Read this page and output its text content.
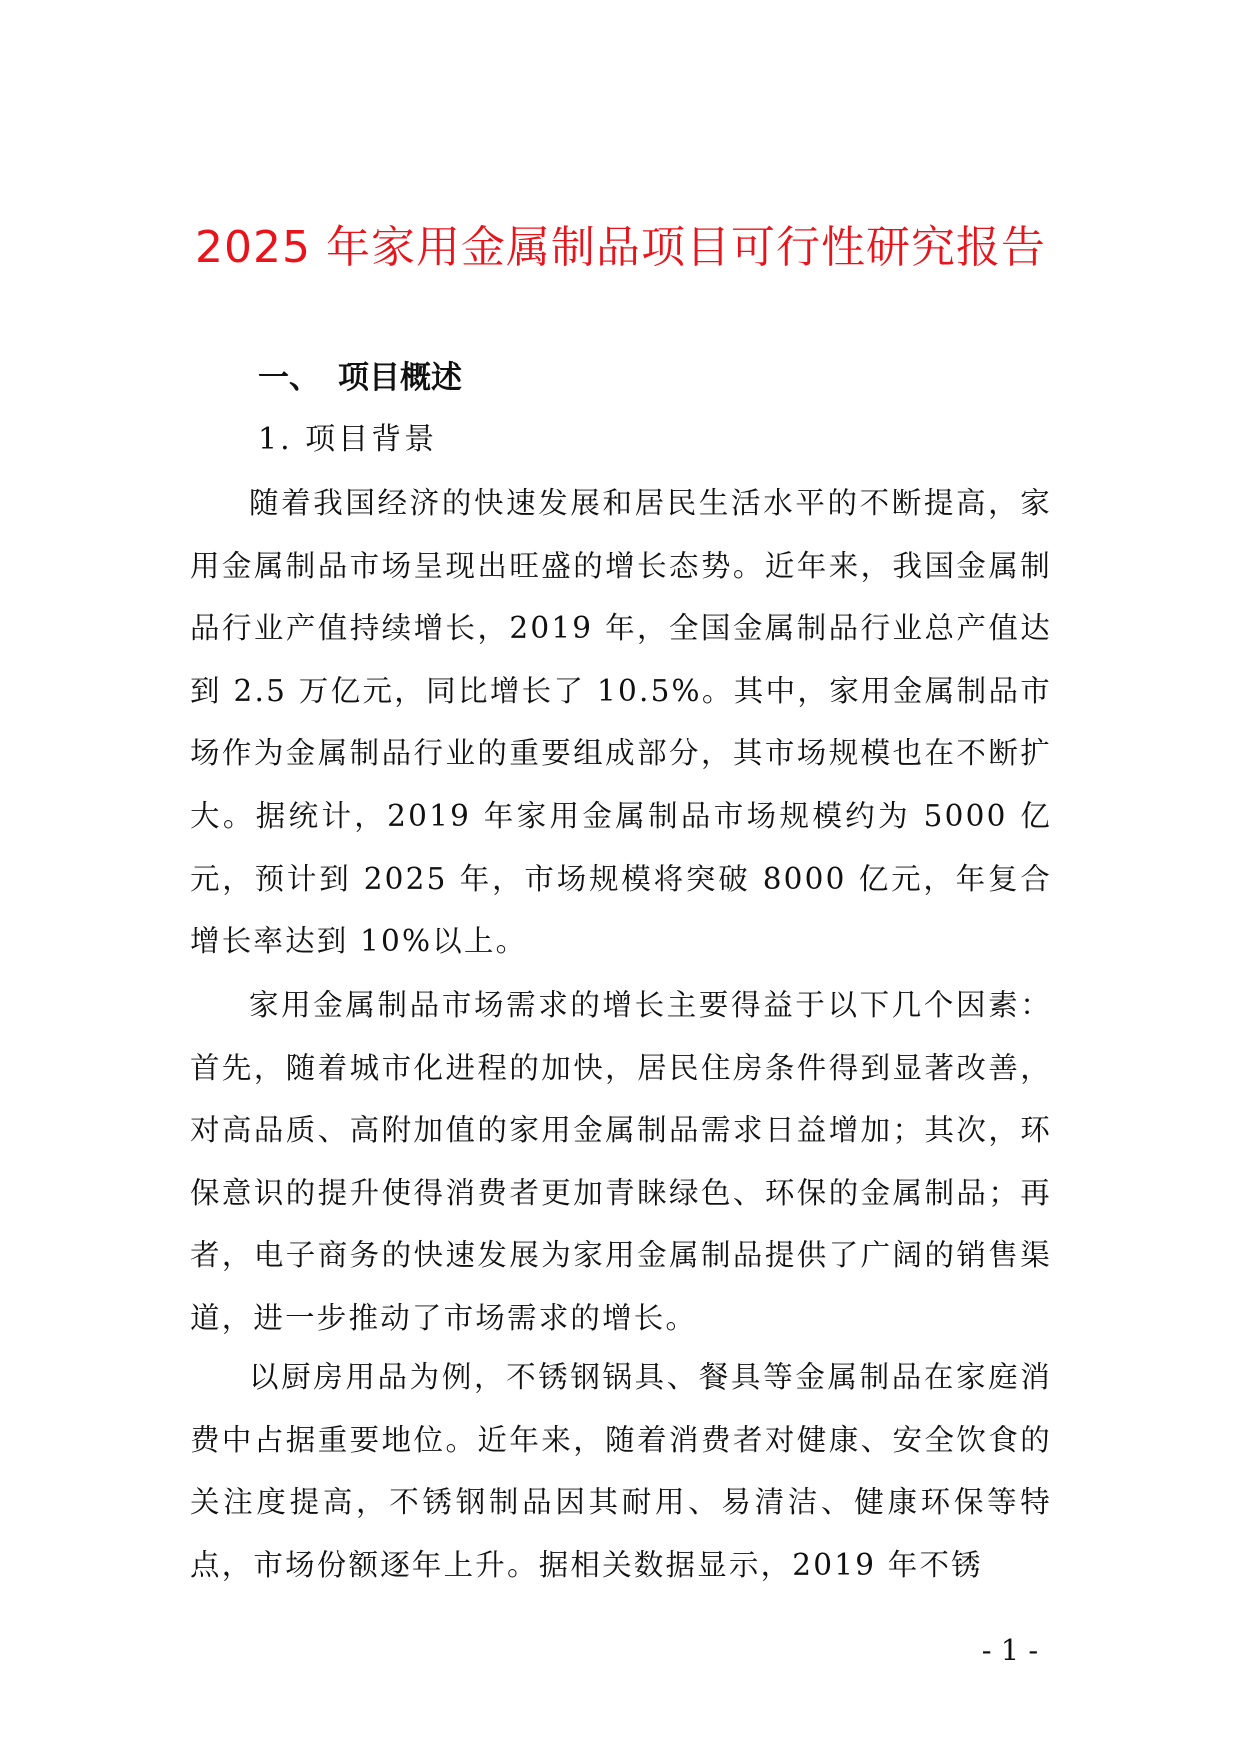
2025 年家用金属制品项目可行性研究报告
一、 项目概述
1. 项目背景

随着我国经济的快速发展和居民生活水平的不断提高，家用金属制品市场呈现出旺盛的增长态势。近年来，我国金属制品行业产值持续增长，2019 年，全国金属制品行业总产值达到 2.5 万亿元，同比增长了 10.5%。其中，家用金属制品市场作为金属制品行业的重要组成部分，其市场规模也在不断扩大。据统计，2019 年家用金属制品市场规模约为 5000 亿元，预计到 2025 年，市场规模将突破 8000 亿元，年复合增长率达到 10%以上。

家用金属制品市场需求的增长主要得益于以下几个因素：首先，随着城市化进程的加快，居民住房条件得到显著改善，对高品质、高附加值的家用金属制品需求日益增加；其次，环保意识的提升使得消费者更加青睐绿色、环保的金属制品；再者，电子商务的快速发展为家用金属制品提供了广阔的销售渠道，进一步推动了市场需求的增长。

以厨房用品为例，不锈钢锅具、餐具等金属制品在家庭消费中占据重要地位。近年来，随着消费者对健康、安全饮食的关注度提高，不锈钢制品因其耐用、易清洁、健康环保等特点，市场份额逐年上升。据相关数据显示，2019 年不锈

- 1 -
